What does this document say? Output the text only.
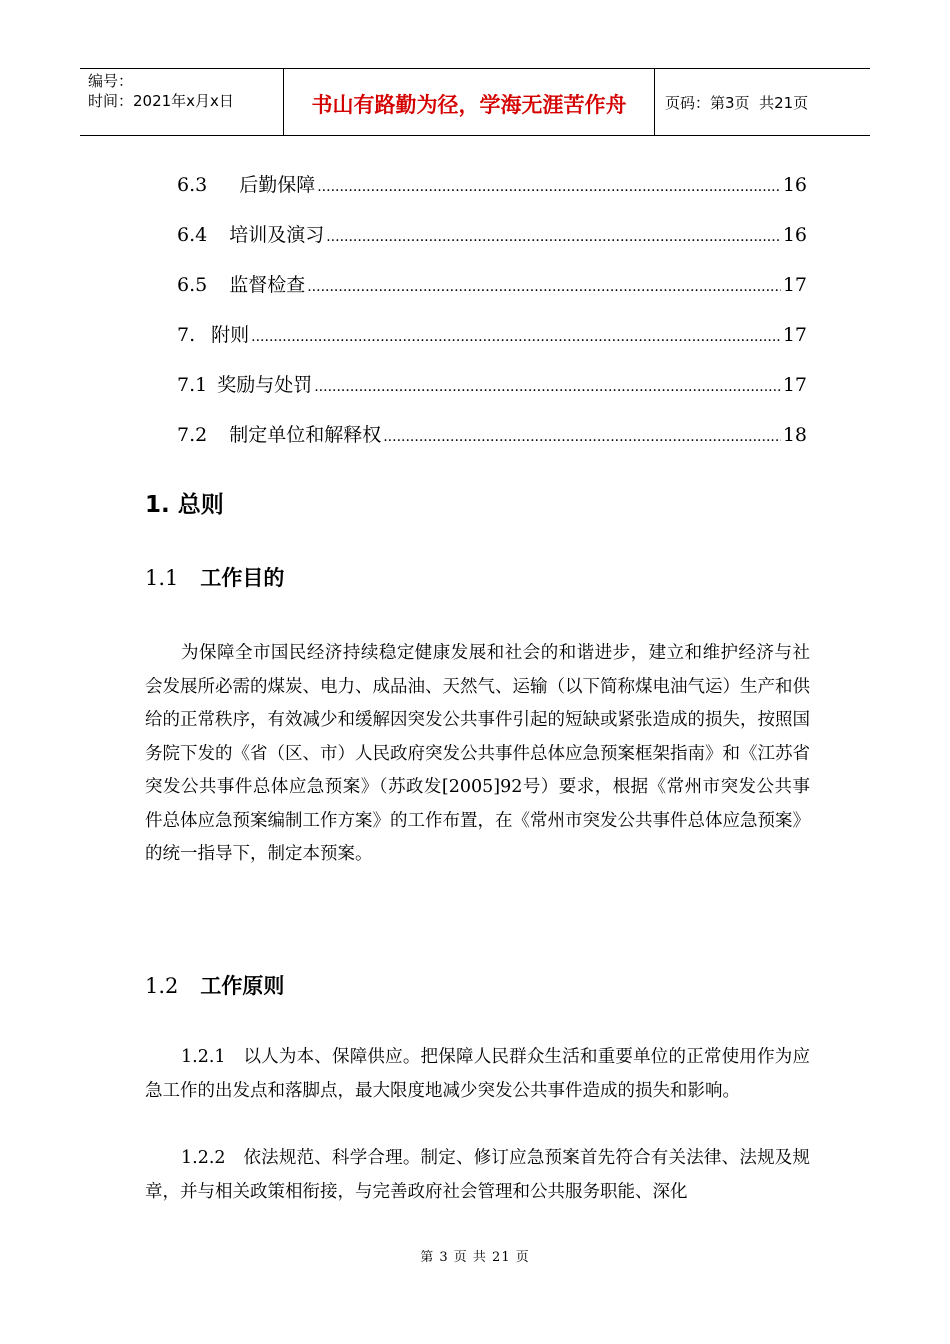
编号：
时间：2021年x月x日	书山有路勤为径，学海无涯苦作舟	页码：第3页  共21页
6.3 后勤保障 .....	16
6.4 培训及演习 .....	16
6.5 监督检查 .....	17
7. 附则 .....	17
7.1 奖励与处罚 .....	17
7.2 制定单位和解释权 .....	18
1. 总则
1.1 工作目的
为保障全市国民经济持续稳定健康发展和社会的和谐进步，建立和维护经济与社会发展所必需的煤炭、电力、成品油、天然气、运输（以下简称煤电油气运）生产和供给的正常秩序，有效减少和缓解因突发公共事件引起的短缺或紧张造成的损失，按照国务院下发的《省（区、市）人民政府突发公共事件总体应急预案框架指南》和《江苏省突发公共事件总体应急预案》（苏政发[2005]92号）要求，根据《常州市突发公共事件总体应急预案编制工作方案》的工作布置，在《常州市突发公共事件总体应急预案》的统一指导下，制定本预案。
1.2 工作原则
1.2.1　以人为本、保障供应。把保障人民群众生活和重要单位的正常使用作为应急工作的出发点和落脚点，最大限度地减少突发公共事件造成的损失和影响。
1.2.2　依法规范、科学合理。制定、修订应急预案首先符合有关法律、法规及规章，并与相关政策相衔接，与完善政府社会管理和公共服务职能、深化
第 3 页 共 21 页
